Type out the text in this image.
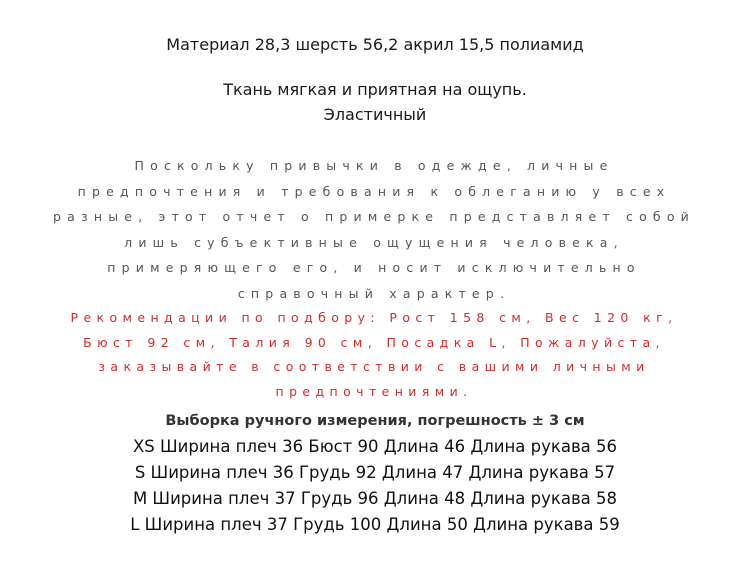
Материал 28,3 шерсть 56,2 акрил 15,5 полиамид
Ткань мягкая и приятная на ощупь.
Эластичный
Поскольку привычки в одежде, личные предпочтения и требования к облеганию у всех разные, этот отчет о примерке представляет собой лишь субъективные ощущения человека, примеряющего его, и носит исключительно справочный характер.
Рекомендации по подбору: Рост 158 см, Вес 120 кг, Бюст 92 см, Талия 90 см, Посадка L, Пожалуйста, заказывайте в соответствии с вашими личными предпочтениями.
Выборка ручного измерения, погрешность ± 3 см
XS Ширина плеч 36 Бюст 90 Длина 46 Длина рукава 56
S Ширина плеч 36 Грудь 92 Длина 47 Длина рукава 57
M Ширина плеч 37 Грудь 96 Длина 48 Длина рукава 58
L Ширина плеч 37 Грудь 100 Длина 50 Длина рукава 59
